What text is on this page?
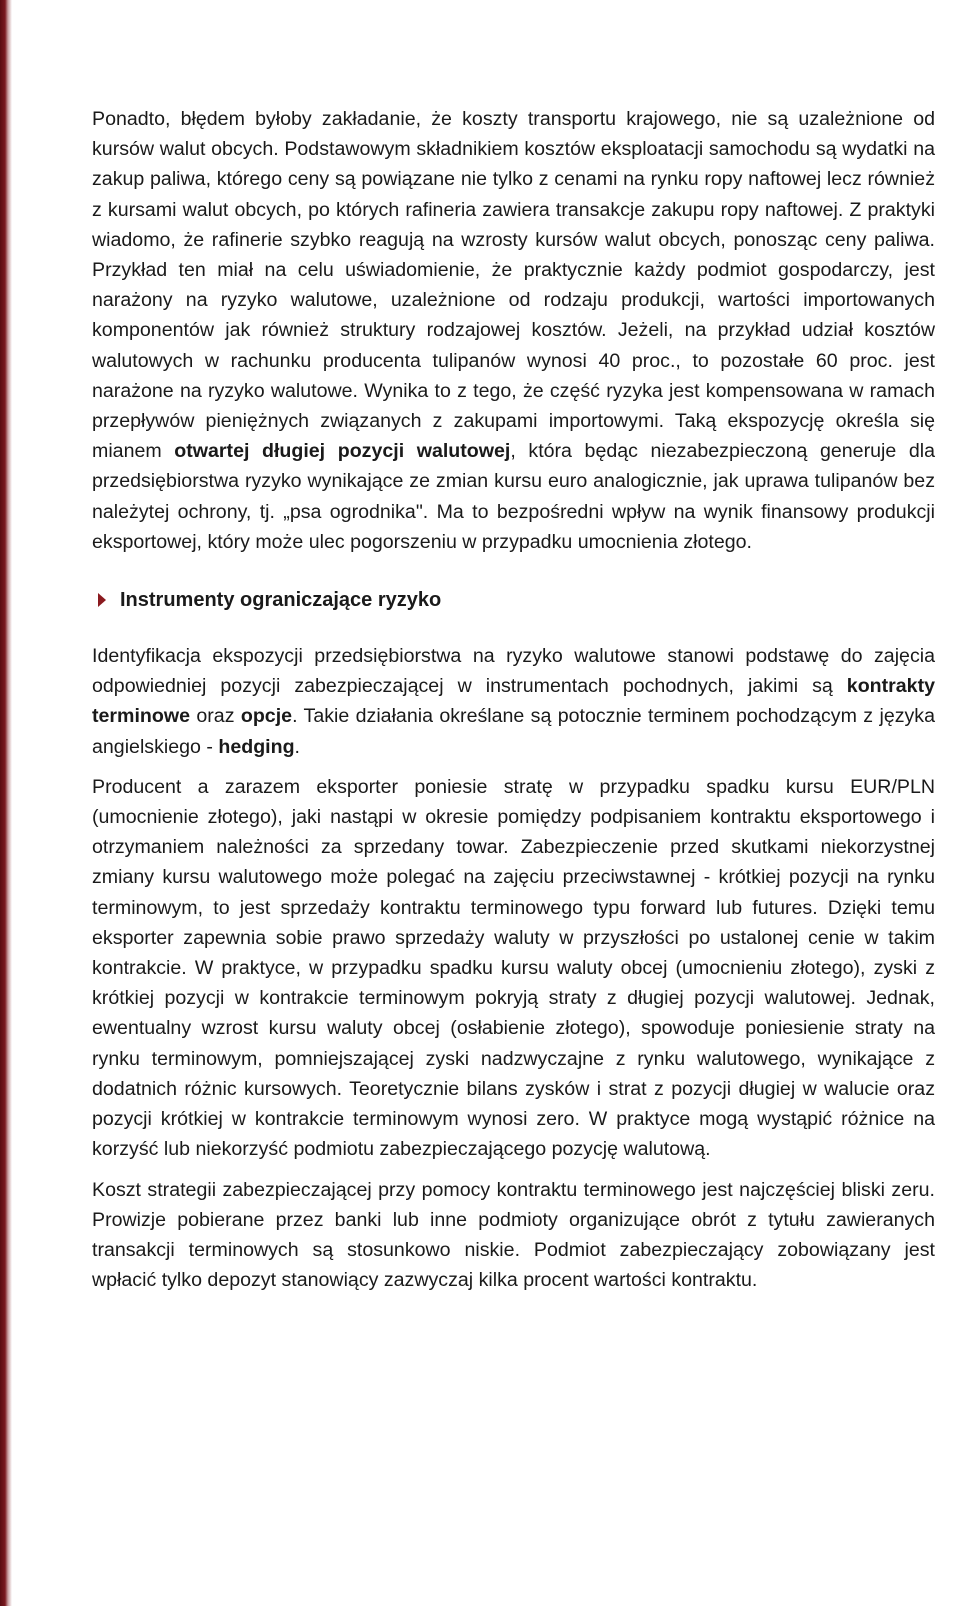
Ponadto, błędem byłoby zakładanie, że koszty transportu krajowego, nie są uzależnione od kursów walut obcych. Podstawowym składnikiem kosztów eksploatacji samochodu są wydatki na zakup paliwa, którego ceny są powiązane nie tylko z cenami na rynku ropy naftowej lecz również z kursami walut obcych, po których rafineria zawiera transakcje zakupu ropy naftowej. Z praktyki wiadomo, że rafinerie szybko reagują na wzrosty kursów walut obcych, ponosząc ceny paliwa. Przykład ten miał na celu uświadomienie, że praktycznie każdy podmiot gospodarczy, jest narażony na ryzyko walutowe, uzależnione od rodzaju produkcji, wartości importowanych komponentów jak również struktury rodzajowej kosztów. Jeżeli, na przykład udział kosztów walutowych w rachunku producenta tulipanów wynosi 40 proc., to pozostałe 60 proc. jest narażone na ryzyko walutowe. Wynika to z tego, że część ryzyka jest kompensowana w ramach przepływów pieniężnych związanych z zakupami importowymi. Taką ekspozycję określa się mianem otwartej długiej pozycji walutowej, która będąc niezabezpieczoną generuje dla przedsiębiorstwa ryzyko wynikające ze zmian kursu euro analogicznie, jak uprawa tulipanów bez należytej ochrony, tj. „psa ogrodnika". Ma to bezpośredni wpływ na wynik finansowy produkcji eksportowej, który może ulec pogorszeniu w przypadku umocnienia złotego.

Instrumenty ograniczające ryzyko

Identyfikacja ekspozycji przedsiębiorstwa na ryzyko walutowe stanowi podstawę do zajęcia odpowiedniej pozycji zabezpieczającej w instrumentach pochodnych, jakimi są kontrakty terminowe oraz opcje. Takie działania określane są potocznie terminem pochodzącym z języka angielskiego - hedging.

Producent a zarazem eksporter poniesie stratę w przypadku spadku kursu EUR/PLN (umocnienie złotego), jaki nastąpi w okresie pomiędzy podpisaniem kontraktu eksportowego i otrzymaniem należności za sprzedany towar. Zabezpieczenie przed skutkami niekorzystnej zmiany kursu walutowego może polegać na zajęciu przeciwstawnej - krótkiej pozycji na rynku terminowym, to jest sprzedaży kontraktu terminowego typu forward lub futures. Dzięki temu eksporter zapewnia sobie prawo sprzedaży waluty w przyszłości po ustalonej cenie w takim kontrakcie. W praktyce, w przypadku spadku kursu waluty obcej (umocnieniu złotego), zyski z krótkiej pozycji w kontrakcie terminowym pokryją straty z długiej pozycji walutowej. Jednak, ewentualny wzrost kursu waluty obcej (osłabienie złotego), spowoduje poniesienie straty na rynku terminowym, pomniejszającej zyski nadzwyczajne z rynku walutowego, wynikające z dodatnich różnic kursowych. Teoretycznie bilans zysków i strat z pozycji długiej w walucie oraz pozycji krótkiej w kontrakcie terminowym wynosi zero. W praktyce mogą wystąpić różnice na korzyść lub niekorzyść podmiotu zabezpieczającego pozycję walutową.

Koszt strategii zabezpieczającej przy pomocy kontraktu terminowego jest najczęściej bliski zeru. Prowizje pobierane przez banki lub inne podmioty organizujące obrót z tytułu zawieranych transakcji terminowych są stosunkowo niskie. Podmiot zabezpieczający zobowiązany jest wpłacić tylko depozyt stanowiący zazwyczaj kilka procent wartości kontraktu.
